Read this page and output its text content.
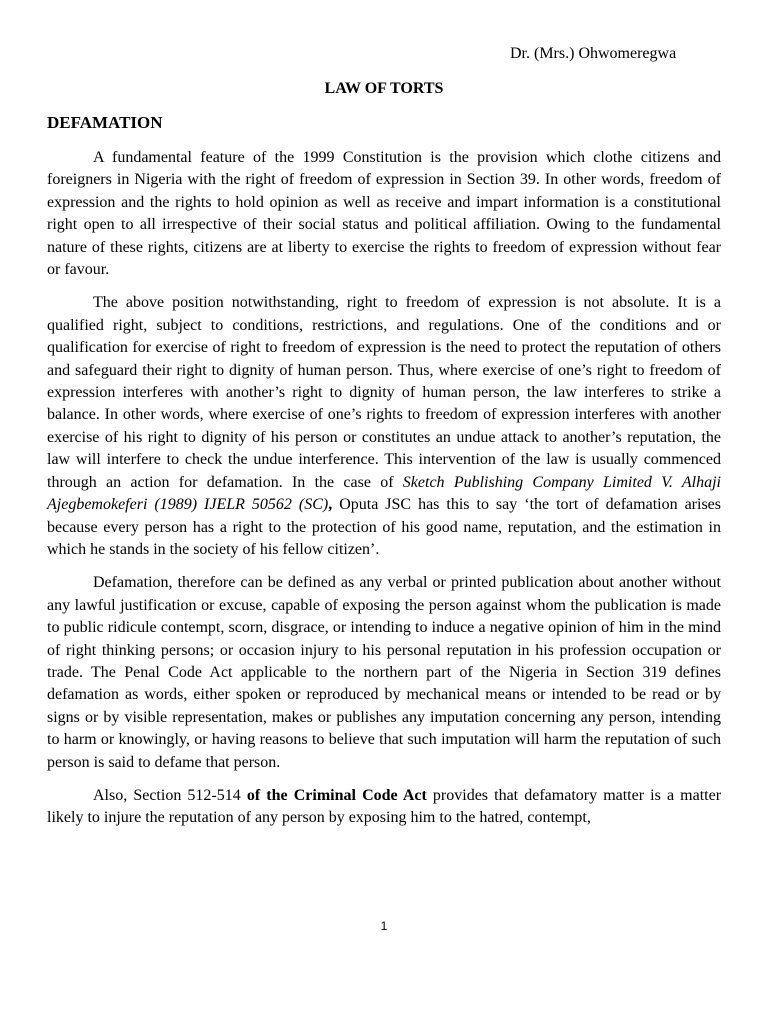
Dr. (Mrs.) Ohwomeregwa
LAW OF TORTS
DEFAMATION

A fundamental feature of the 1999 Constitution is the provision which clothe citizens and foreigners in Nigeria with the right of freedom of expression in Section 39. In other words, freedom of expression and the rights to hold opinion as well as receive and impart information is a constitutional right open to all irrespective of their social status and political affiliation. Owing to the fundamental nature of these rights, citizens are at liberty to exercise the rights to freedom of expression without fear or favour.

The above position notwithstanding, right to freedom of expression is not absolute. It is a qualified right, subject to conditions, restrictions, and regulations. One of the conditions and or qualification for exercise of right to freedom of expression is the need to protect the reputation of others and safeguard their right to dignity of human person. Thus, where exercise of one’s right to freedom of expression interferes with another’s right to dignity of human person, the law interferes to strike a balance. In other words, where exercise of one’s rights to freedom of expression interferes with another exercise of his right to dignity of his person or constitutes an undue attack to another’s reputation, the law will interfere to check the undue interference. This intervention of the law is usually commenced through an action for defamation. In the case of Sketch Publishing Company Limited V. Alhaji Ajegbemokeferi (1989) IJELR 50562 (SC), Oputa JSC has this to say ‘the tort of defamation arises because every person has a right to the protection of his good name, reputation, and the estimation in which he stands in the society of his fellow citizen’.

Defamation, therefore can be defined as any verbal or printed publication about another without any lawful justification or excuse, capable of exposing the person against whom the publication is made to public ridicule contempt, scorn, disgrace, or intending to induce a negative opinion of him in the mind of right thinking persons; or occasion injury to his personal reputation in his profession occupation or trade. The Penal Code Act applicable to the northern part of the Nigeria in Section 319 defines defamation as words, either spoken or reproduced by mechanical means or intended to be read or by signs or by visible representation, makes or publishes any imputation concerning any person, intending to harm or knowingly, or having reasons to believe that such imputation will harm the reputation of such person is said to defame that person.

Also, Section 512-514 of the Criminal Code Act provides that defamatory matter is a matter likely to injure the reputation of any person by exposing him to the hatred, contempt,

1
